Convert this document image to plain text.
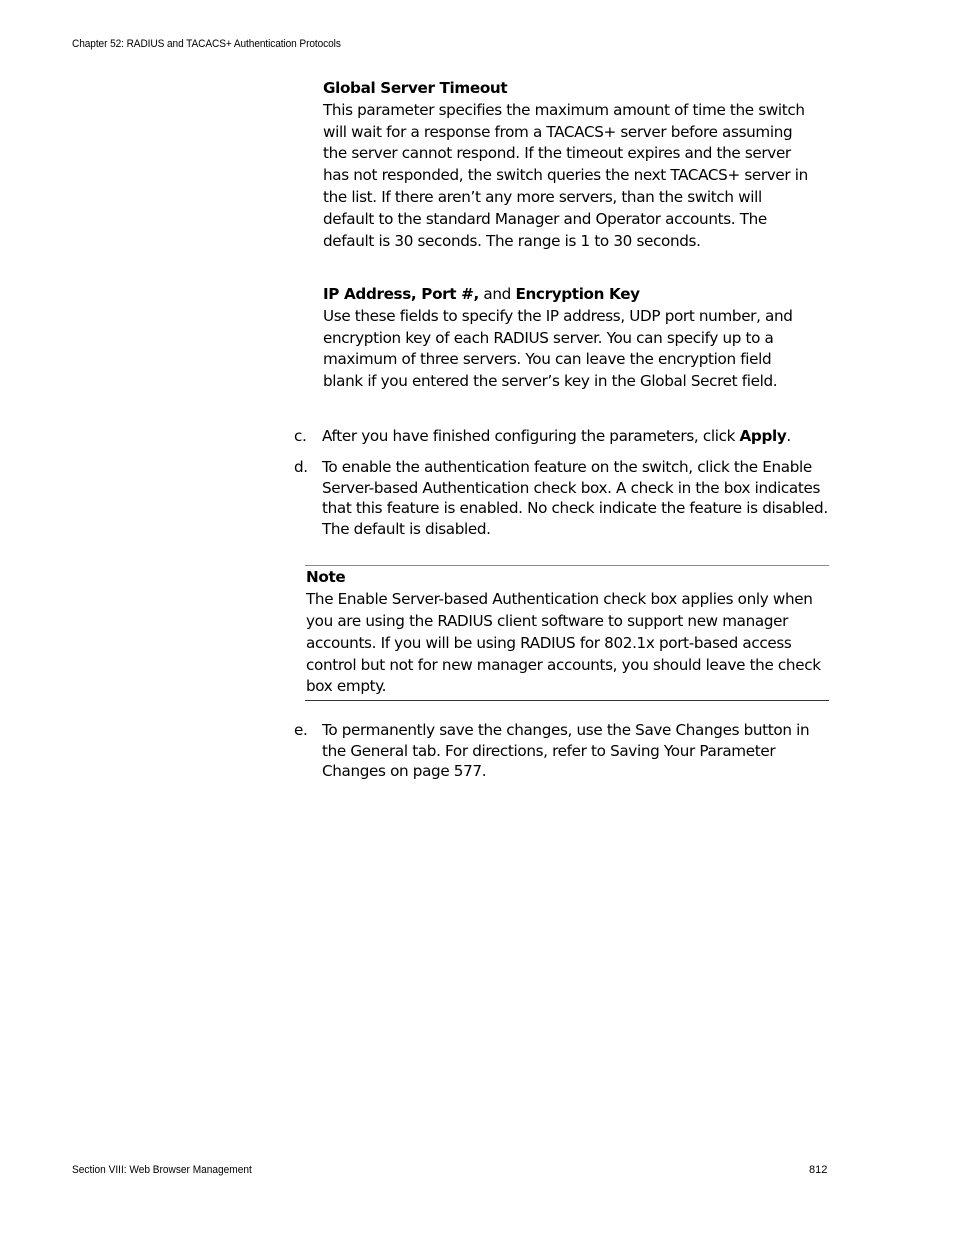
Chapter 52: RADIUS and TACACS+ Authentication Protocols
Global Server Timeout

This parameter specifies the maximum amount of time the switch will wait for a response from a TACACS+ server before assuming the server cannot respond. If the timeout expires and the server has not responded, the switch queries the next TACACS+ server in the list. If there aren’t any more servers, than the switch will default to the standard Manager and Operator accounts. The default is 30 seconds. The range is 1 to 30 seconds.

IP Address, Port #, and Encryption Key

Use these fields to specify the IP address, UDP port number, and encryption key of each RADIUS server. You can specify up to a maximum of three servers. You can leave the encryption field blank if you entered the server’s key in the Global Secret field.

c. After you have finished configuring the parameters, click Apply.
d. To enable the authentication feature on the switch, click the Enable Server-based Authentication check box. A check in the box indicates that this feature is enabled. No check indicate the feature is disabled. The default is disabled.
Note
The Enable Server-based Authentication check box applies only when you are using the RADIUS client software to support new manager accounts. If you will be using RADIUS for 802.1x port-based access control but not for new manager accounts, you should leave the check box empty.
e. To permanently save the changes, use the Save Changes button in the General tab. For directions, refer to Saving Your Parameter Changes on page 577.
Section VIII: Web Browser Management	812
